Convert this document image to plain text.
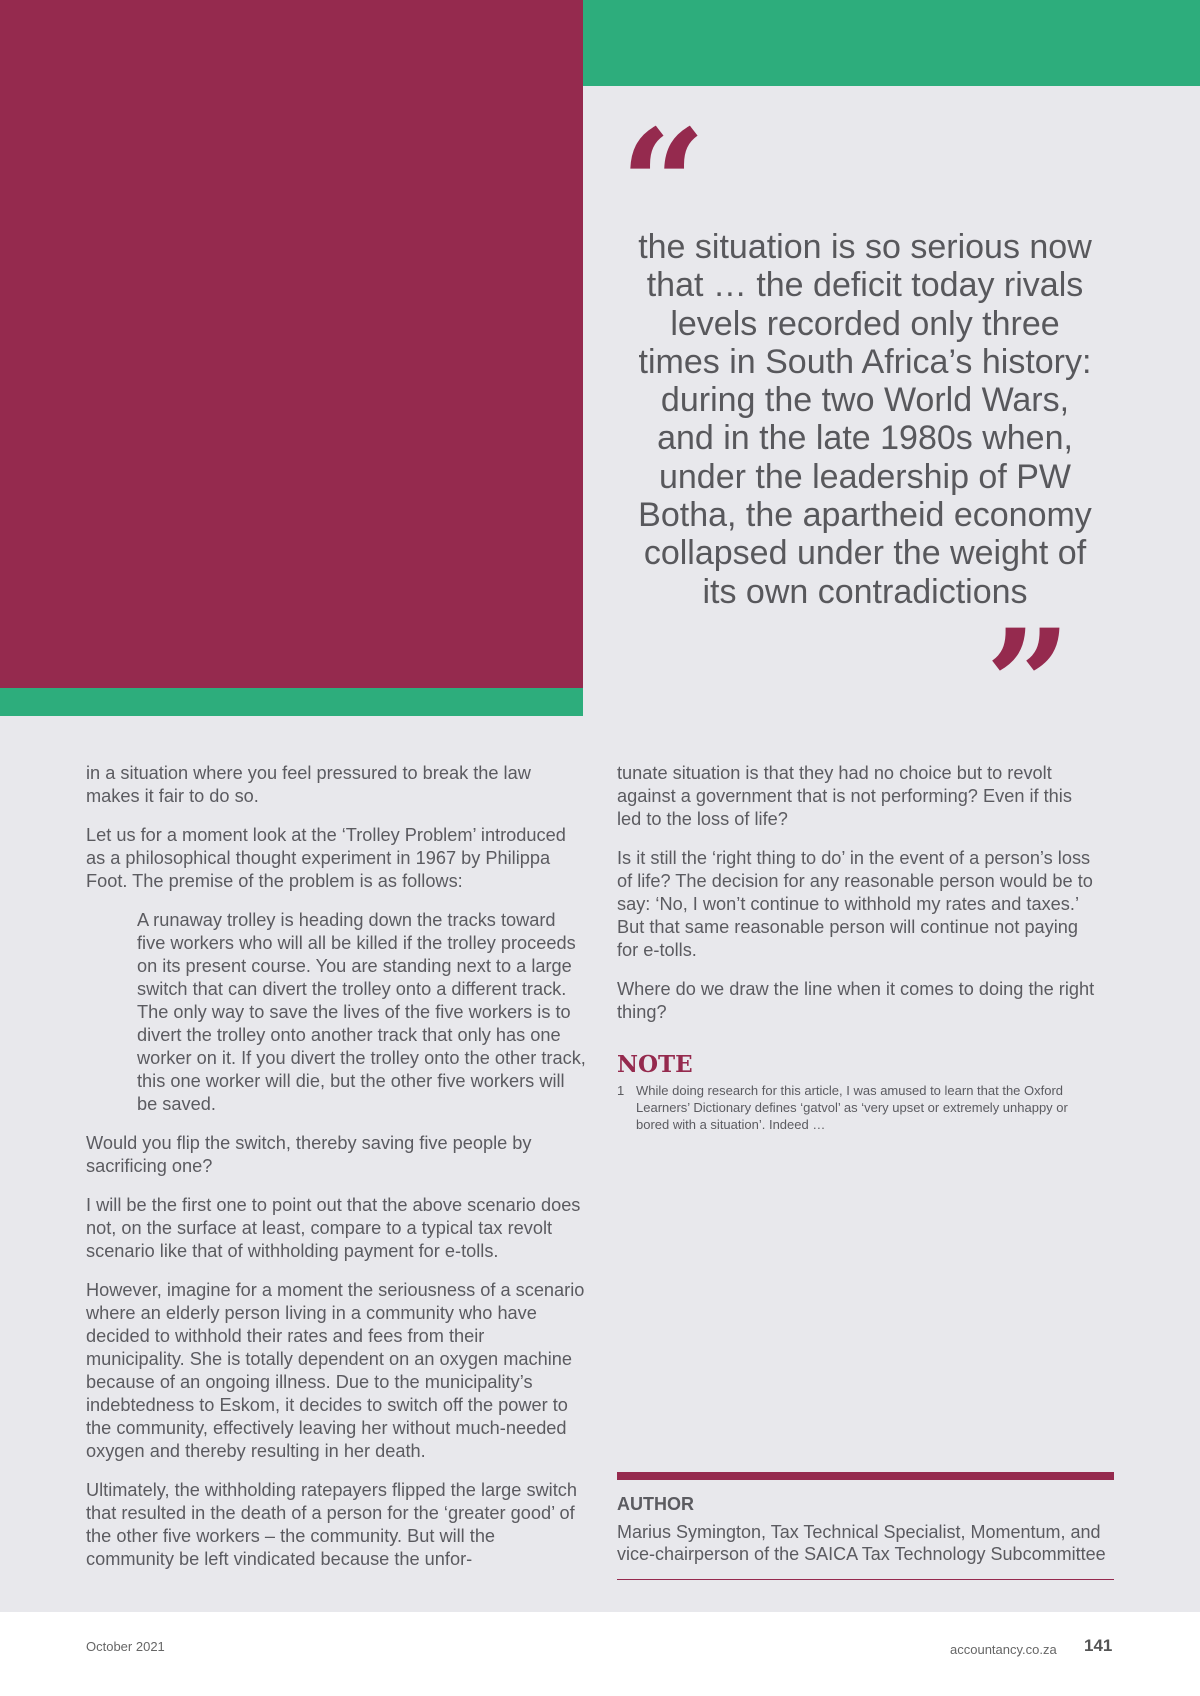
“

the situation is so serious now that … the deficit today rivals levels recorded only three times in South Africa’s history: during the two World Wars, and in the late 1980s when, under the leadership of PW Botha, the apartheid economy collapsed under the weight of its own contradictions

”

in a situation where you feel pressured to break the law makes it fair to do so.

Let us for a moment look at the ‘Trolley Problem’ introduced as a philosophical thought experiment in 1967 by Philippa Foot. The premise of the problem is as follows:

A runaway trolley is heading down the tracks toward five workers who will all be killed if the trolley proceeds on its present course. You are standing next to a large switch that can divert the trolley onto a different track. The only way to save the lives of the five workers is to divert the trolley onto another track that only has one worker on it. If you divert the trolley onto the other track, this one worker will die, but the other five workers will be saved.

Would you flip the switch, thereby saving five people by sacrificing one?

I will be the first one to point out that the above scenario does not, on the surface at least, compare to a typical tax revolt scenario like that of withholding payment for e-tolls.

However, imagine for a moment the seriousness of a scenario where an elderly person living in a community who have decided to withhold their rates and fees from their municipality. She is totally dependent on an oxygen machine because of an ongoing illness. Due to the municipality’s indebtedness to Eskom, it decides to switch off the power to the community, effectively leaving her without much-needed oxygen and thereby resulting in her death.

Ultimately, the withholding ratepayers flipped the large switch that resulted in the death of a person for the ‘greater good’ of the other five workers – the community. But will the community be left vindicated because the unfor-

tunate situation is that they had no choice but to revolt against a government that is not performing? Even if this led to the loss of life?

Is it still the ‘right thing to do’ in the event of a person’s loss of life? The decision for any reasonable person would be to say: ‘No, I won’t continue to withhold my rates and taxes.’ But that same reasonable person will continue not paying for e-tolls.

Where do we draw the line when it comes to doing the right thing?

NOTE
1 While doing research for this article, I was amused to learn that the Oxford Learners’ Dictionary defines ‘gatvol’ as ‘very upset or extremely unhappy or bored with a situation’. Indeed …
AUTHOR

Marius Symington, Tax Technical Specialist, Momentum, and vice-chairperson of the SAICA Tax Technology Subcommittee

October 2021	accountancy.co.za 141
